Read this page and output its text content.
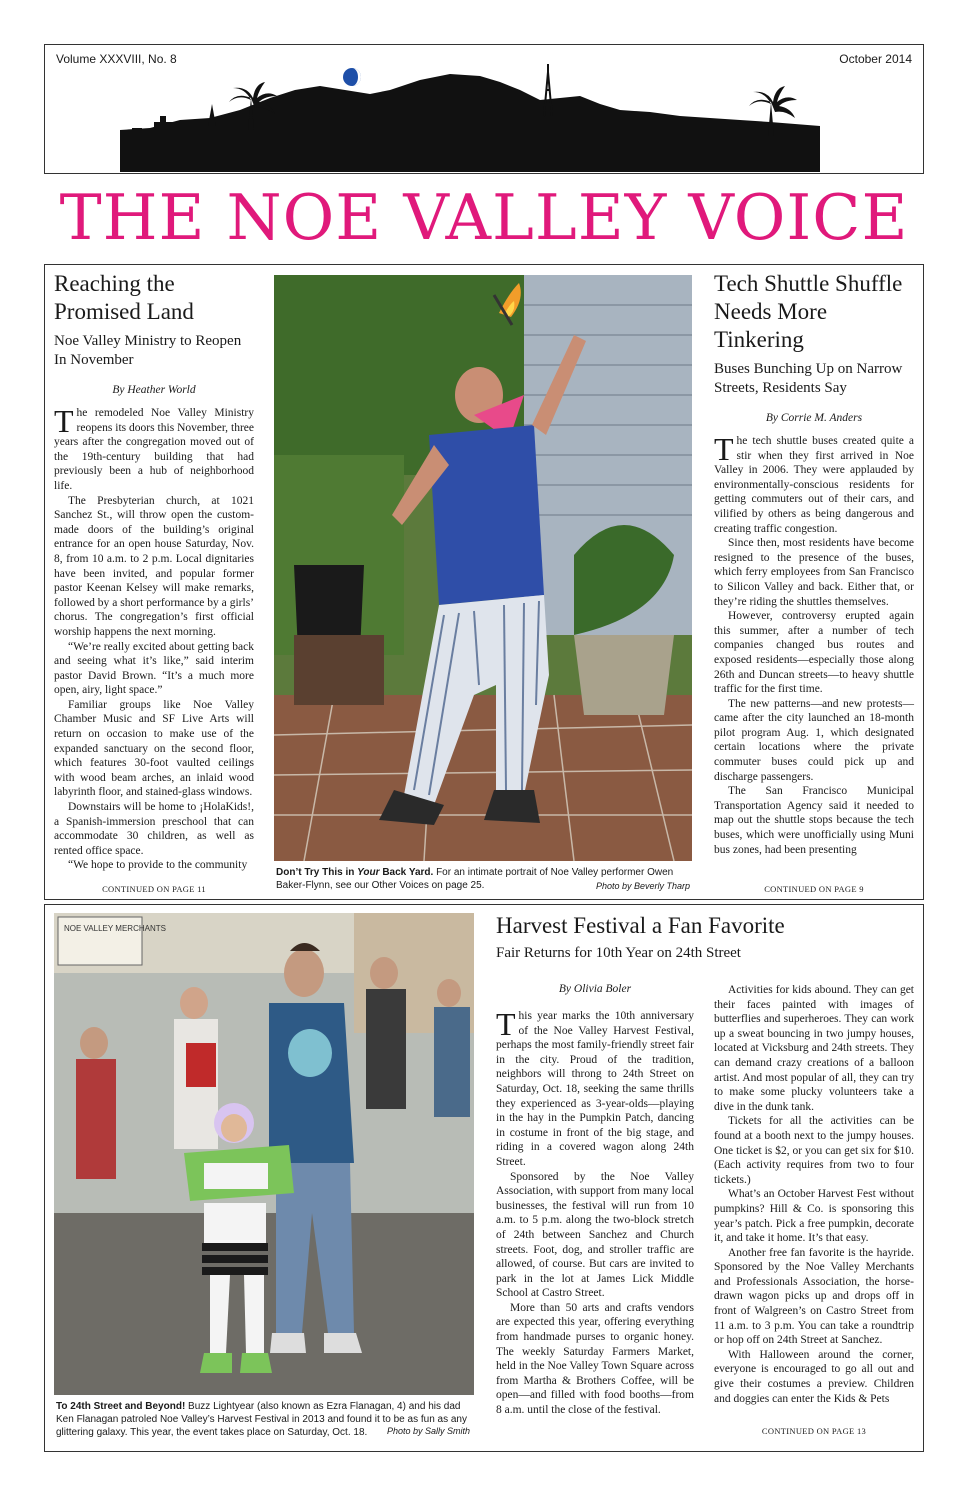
Volume XXXVIII, No. 8	October 2014
THE NOE VALLEY VOICE
Reaching the Promised Land
Noe Valley Ministry to Reopen In November
By Heather World

The remodeled Noe Valley Ministry reopens its doors this November, three years after the congregation moved out of the 19th-century building that had previously been a hub of neighborhood life.

The Presbyterian church, at 1021 Sanchez St., will throw open the custom-made doors of the building’s original entrance for an open house Saturday, Nov. 8, from 10 a.m. to 2 p.m. Local dignitaries have been invited, and popular former pastor Keenan Kelsey will make remarks, followed by a short performance by a girls’ chorus. The congregation’s first official worship happens the next morning.

“We’re really excited about getting back and seeing what it’s like,” said interim pastor David Brown. “It’s a much more open, airy, light space.”

Familiar groups like Noe Valley Chamber Music and SF Live Arts will return on occasion to make use of the expanded sanctuary on the second floor, which features 30-foot vaulted ceilings with wood beam arches, an inlaid wood labyrinth floor, and stained-glass windows.

Downstairs will be home to ¡HolaKids!, a Spanish-immersion preschool that can accommodate 30 children, as well as rented office space.

“We hope to provide to the community

CONTINUED ON PAGE 11
Don’t Try This in Your Back Yard. For an intimate portrait of Noe Valley performer Owen Baker-Flynn, see our Other Voices on page 25.	Photo by Beverly Tharp
Tech Shuttle Shuffle Needs More Tinkering
Buses Bunching Up on Narrow Streets, Residents Say
By Corrie M. Anders

The tech shuttle buses created quite a stir when they first arrived in Noe Valley in 2006. They were applauded by environmentally-conscious residents for getting commuters out of their cars, and vilified by others as being dangerous and creating traffic congestion.

Since then, most residents have become resigned to the presence of the buses, which ferry employees from San Francisco to Silicon Valley and back. Either that, or they’re riding the shuttles themselves.

However, controversy erupted again this summer, after a number of tech companies changed bus routes and exposed residents—especially those along 26th and Duncan streets—to heavy shuttle traffic for the first time.

The new patterns—and new protests—came after the city launched an 18-month pilot program Aug. 1, which designated certain locations where the private commuter buses could pick up and discharge passengers.

The San Francisco Municipal Transportation Agency said it needed to map out the shuttle stops because the tech buses, which were unofficially using Muni bus zones, had been presenting

CONTINUED ON PAGE 9
NOE VALLEY MERCHANTS
To 24th Street and Beyond! Buzz Lightyear (also known as Ezra Flanagan, 4) and his dad Ken Flanagan patroled Noe Valley’s Harvest Festival in 2013 and found it to be as fun as any glittering galaxy. This year, the event takes place on Saturday, Oct. 18.	Photo by Sally Smith
Harvest Festival a Fan Favorite
Fair Returns for 10th Year on 24th Street
By Olivia Boler

This year marks the 10th anniversary of the Noe Valley Harvest Festival, perhaps the most family-friendly street fair in the city. Proud of the tradition, neighbors will throng to 24th Street on Saturday, Oct. 18, seeking the same thrills they experienced as 3-year-olds—playing in the hay in the Pumpkin Patch, dancing in costume in front of the big stage, and riding in a covered wagon along 24th Street.

Sponsored by the Noe Valley Association, with support from many local businesses, the festival will run from 10 a.m. to 5 p.m. along the two-block stretch of 24th between Sanchez and Church streets. Foot, dog, and stroller traffic are allowed, of course. But cars are invited to park in the lot at James Lick Middle School at Castro Street.

More than 50 arts and crafts vendors are expected this year, offering everything from handmade purses to organic honey. The weekly Saturday Farmers Market, held in the Noe Valley Town Square across from Martha & Brothers Coffee, will be open—and filled with food booths—from 8 a.m. until the close of the festival.

Activities for kids abound. They can get their faces painted with images of butterflies and superheroes. They can work up a sweat bouncing in two jumpy houses, located at Vicksburg and 24th streets. They can demand crazy creations of a balloon artist. And most popular of all, they can try to make some plucky volunteers take a dive in the dunk tank.

Tickets for all the activities can be found at a booth next to the jumpy houses. One ticket is $2, or you can get six for $10. (Each activity requires from two to four tickets.)

What’s an October Harvest Fest without pumpkins? Hill & Co. is sponsoring this year’s patch. Pick a free pumpkin, decorate it, and take it home. It’s that easy.

Another free fan favorite is the hayride. Sponsored by the Noe Valley Merchants and Professionals Association, the horse-drawn wagon picks up and drops off in front of Walgreen’s on Castro Street from 11 a.m. to 3 p.m. You can take a roundtrip or hop off on 24th Street at Sanchez.

With Halloween around the corner, everyone is encouraged to go all out and give their costumes a preview. Children and doggies can enter the Kids & Pets

CONTINUED ON PAGE 13
